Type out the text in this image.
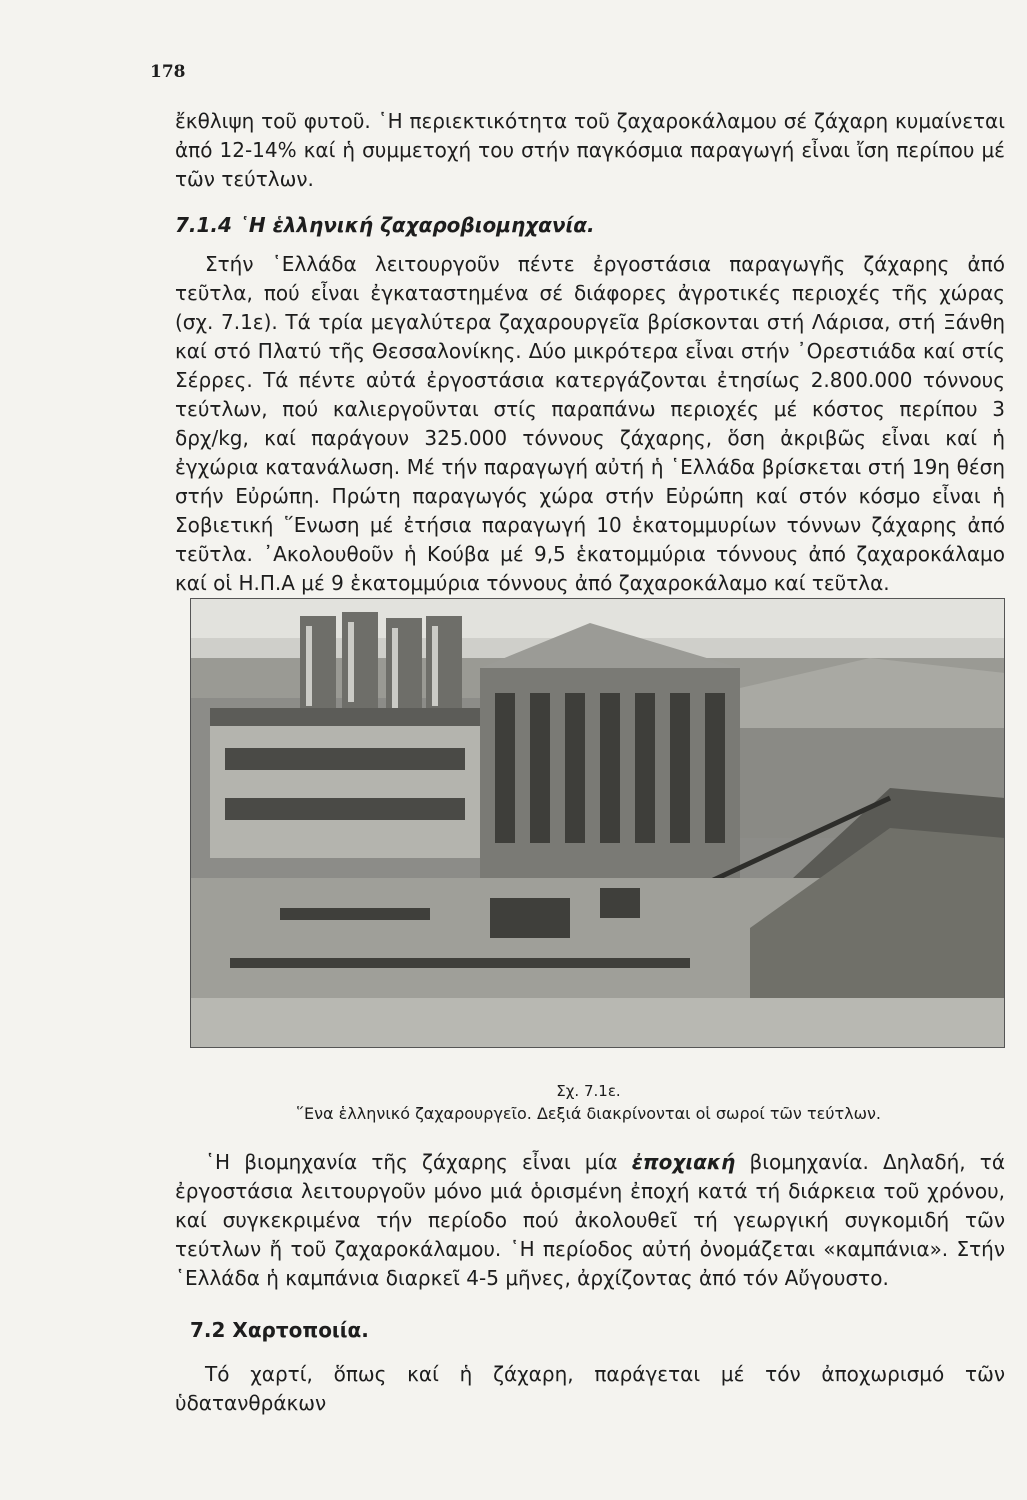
178

ἔκθλιψη τοῦ φυτοῦ. ῾Η περιεκτικότητα τοῦ ζαχαροκάλαμου σέ ζάχαρη κυμαίνεται ἀπό 12-14% καί ἡ συμμετοχή του στήν παγκόσμια παραγωγή εἶναι ἴση περίπου μέ τῶν τεύτλων.

7.1.4 ῾Η ἑλληνική ζαχαροβιομηχανία.

Στήν ῾Ελλάδα λειτουργοῦν πέντε ἐργοστάσια παραγωγῆς ζάχαρης ἀπό τεῦτλα, πού εἶναι ἐγκαταστημένα σέ διάφορες ἀγροτικές περιοχές τῆς χώρας (σχ. 7.1ε). Τά τρία μεγαλύτερα ζαχαρουργεῖα βρίσκονται στή Λάρισα, στή Ξάνθη καί στό Πλατύ τῆς Θεσσαλονίκης. Δύο μικρότερα εἶναι στήν ᾿Ορεστιάδα καί στίς Σέρρες. Τά πέντε αὐτά ἐργοστάσια κατεργάζονται ἐτησίως 2.800.000 τόννους τεύτλων, πού καλιεργοῦνται στίς παραπάνω περιοχές μέ κόστος περίπου 3 δρχ/kg, καί παράγουν 325.000 τόννους ζάχαρης, ὅση ἀκριβῶς εἶναι καί ἡ ἐγχώρια κατανάλωση. Μέ τήν παραγωγή αὐτή ἡ ῾Ελλάδα βρίσκεται στή 19η θέση στήν Εὐρώπη. Πρώτη παραγωγός χώρα στήν Εὐρώπη καί στόν κόσμο εἶναι ἡ Σοβιετική ῞Ενωση μέ ἐτήσια παραγωγή 10 ἑκατομμυρίων τόννων ζάχαρης ἀπό τεῦτλα. ᾿Ακολουθοῦν ἡ Κούβα μέ 9,5 ἑκατομμύρια τόννους ἀπό ζαχαροκάλαμο καί οἱ Η.Π.Α μέ 9 ἑκατομμύρια τόννους ἀπό ζαχαροκάλαμο καί τεῦτλα.

Σχ. 7.1ε.
῞Ενα ἑλληνικό ζαχαρουργεῖο. Δεξιά διακρίνονται οἱ σωροί τῶν τεύτλων.

῾Η βιομηχανία τῆς ζάχαρης εἶναι μία ἐποχιακή βιομηχανία. Δηλαδή, τά ἐργοστάσια λειτουργοῦν μόνο μιά ὁρισμένη ἐποχή κατά τή διάρκεια τοῦ χρόνου, καί συγκεκριμένα τήν περίοδο πού ἀκολουθεῖ τή γεωργική συγκομιδή τῶν τεύτλων ἤ τοῦ ζαχαροκάλαμου. ῾Η περίοδος αὐτή ὀνομάζεται «καμπάνια». Στήν ῾Ελλάδα ἡ καμπάνια διαρκεῖ 4-5 μῆνες, ἀρχίζοντας ἀπό τόν Αὔγουστο.

7.2 Χαρτοποιία.

Τό χαρτί, ὅπως καί ἡ ζάχαρη, παράγεται μέ τόν ἀποχωρισμό τῶν ὑδατανθράκων
